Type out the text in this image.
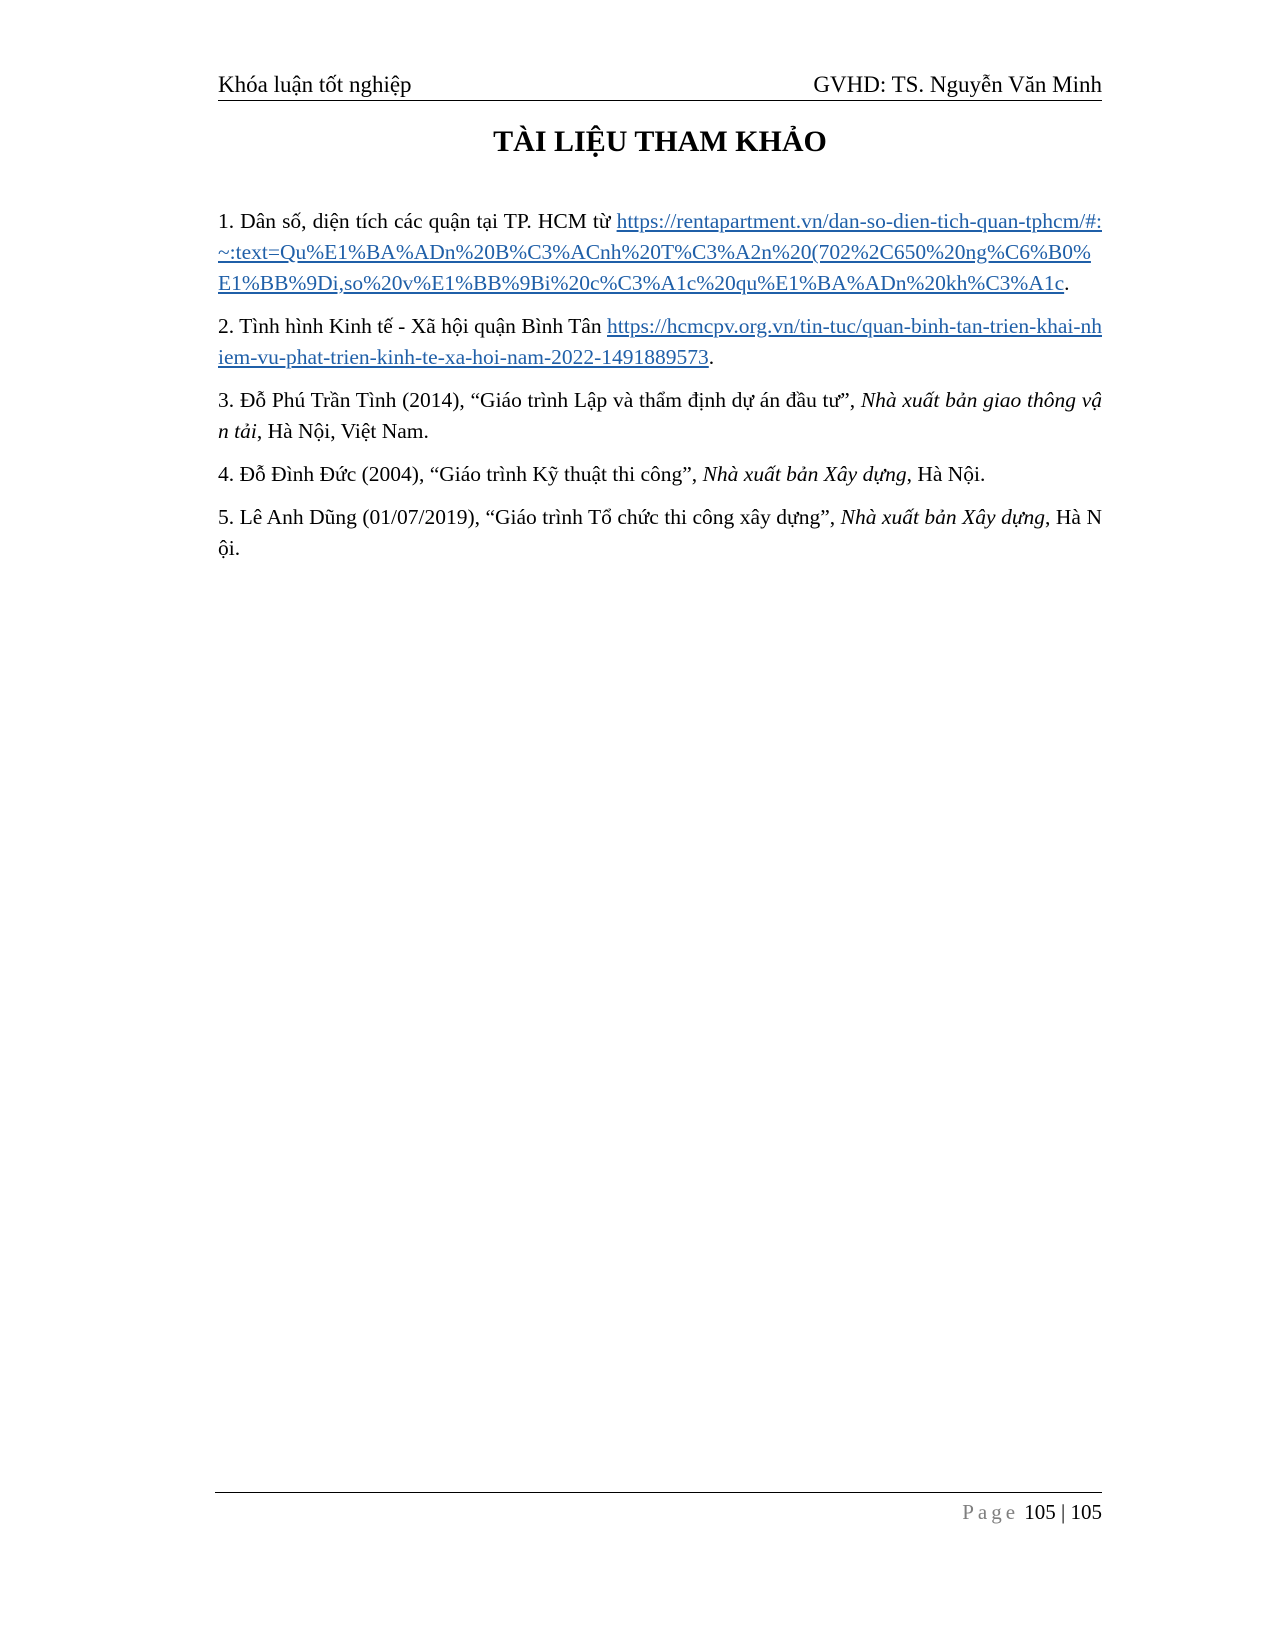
Khóa luận tốt nghiệp	GVHD: TS. Nguyễn Văn Minh
TÀI LIỆU THAM KHẢO

1. Dân số, diện tích các quận tại TP. HCM từ https://rentapartment.vn/dan-so-dien-tich-quan-tphcm/#:~:text=Qu%E1%BA%ADn%20B%C3%ACnh%20T%C3%A2n%20(702%2C650%20ng%C6%B0%E1%BB%9Di,so%20v%E1%BB%9Bi%20c%C3%A1c%20qu%E1%BA%ADn%20kh%C3%A1c.

2. Tình hình Kinh tế - Xã hội quận Bình Tân https://hcmcpv.org.vn/tin-tuc/quan-binh-tan-trien-khai-nhiem-vu-phat-trien-kinh-te-xa-hoi-nam-2022-1491889573.

3. Đỗ Phú Trần Tình (2014), “Giáo trình Lập và thẩm định dự án đầu tư”, Nhà xuất bản giao thông vận tải, Hà Nội, Việt Nam.

4. Đỗ Đình Đức (2004), “Giáo trình Kỹ thuật thi công”, Nhà xuất bản Xây dựng, Hà Nội.

5. Lê Anh Dũng (01/07/2019), “Giáo trình Tổ chức thi công xây dựng”, Nhà xuất bản Xây dựng, Hà Nội.

Page 105 | 105
